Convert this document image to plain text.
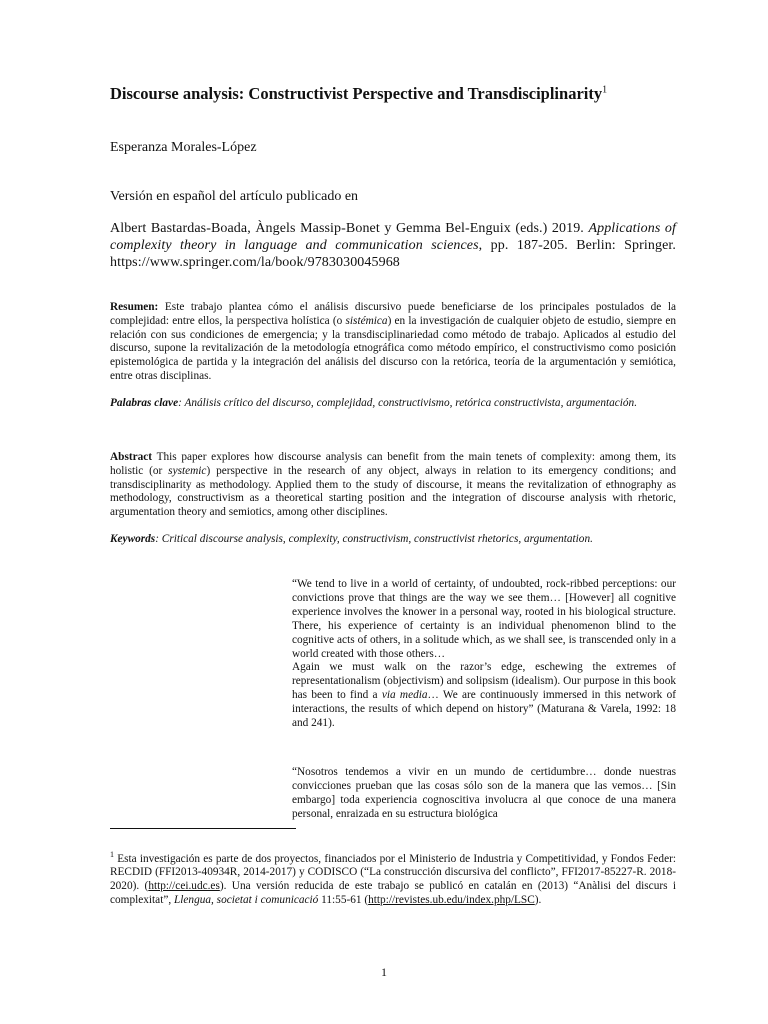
Discourse analysis: Constructivist Perspective and Transdisciplinarity$^1$
Esperanza Morales-López
Versión en español del artículo publicado en
Albert Bastardas-Boada, Àngels Massip-Bonet y Gemma Bel-Enguix (eds.) 2019. Applications of complexity theory in language and communication sciences, pp. 187-205. Berlin: Springer. https://www.springer.com/la/book/9783030045968
Resumen: Este trabajo plantea cómo el análisis discursivo puede beneficiarse de los principales postulados de la complejidad: entre ellos, la perspectiva holística (o sistémica) en la investigación de cualquier objeto de estudio, siempre en relación con sus condiciones de emergencia; y la transdisciplinariedad como método de trabajo. Aplicados al estudio del discurso, supone la revitalización de la metodología etnográfica como método empírico, el constructivismo como posición epistemológica de partida y la integración del análisis del discurso con la retórica, teoría de la argumentación y semiótica, entre otras disciplinas.
Palabras clave: Análisis crítico del discurso, complejidad, constructivismo, retórica constructivista, argumentación.
Abstract This paper explores how discourse analysis can benefit from the main tenets of complexity: among them, its holistic (or systemic) perspective in the research of any object, always in relation to its emergency conditions; and transdisciplinarity as methodology. Applied them to the study of discourse, it means the revitalization of ethnography as methodology, constructivism as a theoretical starting position and the integration of discourse analysis with rhetoric, argumentation theory and semiotics, among other disciplines.
Keywords: Critical discourse analysis, complexity, constructivism, constructivist rhetorics, argumentation.

“We tend to live in a world of certainty, of undoubted, rock-ribbed perceptions: our convictions prove that things are the way we see them… [However] all cognitive experience involves the knower in a personal way, rooted in his biological structure. There, his experience of certainty is an individual phenomenon blind to the cognitive acts of others, in a solitude which, as we shall see, is transcended only in a world created with those others…

Again we must walk on the razor’s edge, eschewing the extremes of representationalism (objectivism) and solipsism (idealism). Our purpose in this book has been to find a via media… We are continuously immersed in this network of interactions, the results of which depend on history” (Maturana & Varela, 1992: 18 and 241).

“Nosotros tendemos a vivir en un mundo de certidumbre… donde nuestras convicciones prueban que las cosas sólo son de la manera que las vemos… [Sin embargo] toda experiencia cognoscitiva involucra al que conoce de una manera personal, enraizada en su estructura biológica
$^1$ Esta investigación es parte de dos proyectos, financiados por el Ministerio de Industria y Competitividad, y Fondos Feder: RECDID (FFI2013-40934R, 2014-2017) y CODISCO (“La construcción discursiva del conflicto”, FFI2017-85227-R. 2018-2020). (http://cei.udc.es). Una versión reducida de este trabajo se publicó en catalán en (2013) “Anàlisi del discurs i complexitat”, Llengua, societat i comunicació 11:55-61 (http://revistes.ub.edu/index.php/LSC).
1
